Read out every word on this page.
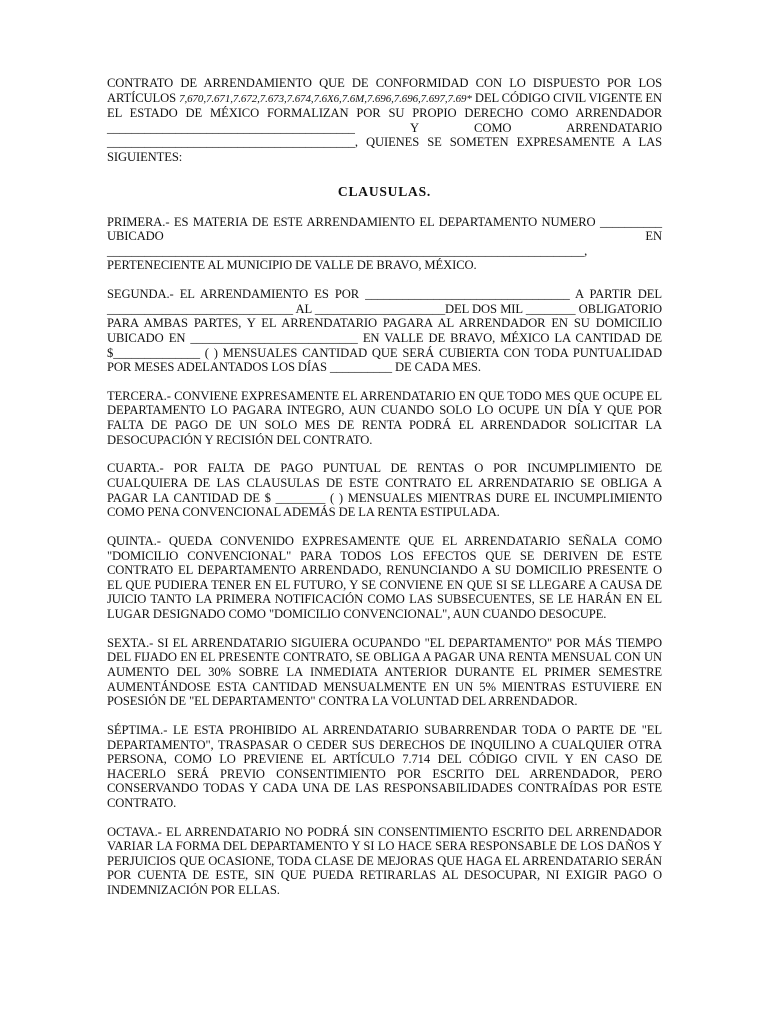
CONTRATO DE ARRENDAMIENTO QUE DE CONFORMIDAD CON LO DISPUESTO POR LOS ARTÍCULOS 7,670,7.671,7.672,7.673,7.674,7.6X6,7.6M,7.696,7.696,7.697,7.69* DEL CÓDIGO CIVIL VIGENTE EN EL ESTADO DE MÉXICO FORMALIZAN POR SU PROPIO DERECHO COMO ARRENDADOR ________________________________________ Y COMO ARRENDATARIO ________________________________________, QUIENES SE SOMETEN EXPRESAMENTE A LAS SIGUIENTES:

CLAUSULAS.

PRIMERA.- ES MATERIA DE ESTE ARRENDAMIENTO EL DEPARTAMENTO NUMERO __________ UBICADO EN _____________________________________________________________________________, PERTENECIENTE AL MUNICIPIO DE VALLE DE BRAVO, MÉXICO.

SEGUNDA.- EL ARRENDAMIENTO ES POR _________________________________ A PARTIR DEL ______________________________ AL _____________________DEL DOS MIL ________ OBLIGATORIO PARA AMBAS PARTES, Y EL ARRENDATARIO PAGARA AL ARRENDADOR EN SU DOMICILIO UBICADO EN ___________________________ EN VALLE DE BRAVO, MÉXICO LA CANTIDAD DE $______________ ( ) MENSUALES CANTIDAD QUE SERÁ CUBIERTA CON TODA PUNTUALIDAD POR MESES ADELANTADOS LOS DÍAS __________ DE CADA MES.

TERCERA.- CONVIENE EXPRESAMENTE EL ARRENDATARIO EN QUE TODO MES QUE OCUPE EL DEPARTAMENTO LO PAGARA INTEGRO, AUN CUANDO SOLO LO OCUPE UN DÍA Y QUE POR FALTA DE PAGO DE UN SOLO MES DE RENTA PODRÁ EL ARRENDADOR SOLICITAR LA DESOCUPACIÓN Y RECISIÓN DEL CONTRATO.

CUARTA.- POR FALTA DE PAGO PUNTUAL DE RENTAS O POR INCUMPLIMIENTO DE CUALQUIERA DE LAS CLAUSULAS DE ESTE CONTRATO EL ARRENDATARIO SE OBLIGA A PAGAR LA CANTIDAD DE $ ________ ( ) MENSUALES MIENTRAS DURE EL INCUMPLIMIENTO COMO PENA CONVENCIONAL ADEMÁS DE LA RENTA ESTIPULADA.

QUINTA.- QUEDA CONVENIDO EXPRESAMENTE QUE EL ARRENDATARIO SEÑALA COMO "DOMICILIO CONVENCIONAL" PARA TODOS LOS EFECTOS QUE SE DERIVEN DE ESTE CONTRATO EL DEPARTAMENTO ARRENDADO, RENUNCIANDO A SU DOMICILIO PRESENTE O EL QUE PUDIERA TENER EN EL FUTURO, Y SE CONVIENE EN QUE SI SE LLEGARE A CAUSA DE JUICIO TANTO LA PRIMERA NOTIFICACIÓN COMO LAS SUBSECUENTES, SE LE HARÁN EN EL LUGAR DESIGNADO COMO "DOMICILIO CONVENCIONAL", AUN CUANDO DESOCUPE.

SEXTA.- SI EL ARRENDATARIO SIGUIERA OCUPANDO "EL DEPARTAMENTO" POR MÁS TIEMPO DEL FIJADO EN EL PRESENTE CONTRATO, SE OBLIGA A PAGAR UNA RENTA MENSUAL CON UN AUMENTO DEL 30% SOBRE LA INMEDIATA ANTERIOR DURANTE EL PRIMER SEMESTRE AUMENTÁNDOSE ESTA CANTIDAD MENSUALMENTE EN UN 5% MIENTRAS ESTUVIERE EN POSESIÓN DE "EL DEPARTAMENTO" CONTRA LA VOLUNTAD DEL ARRENDADOR.

SÉPTIMA.- LE ESTA PROHIBIDO AL ARRENDATARIO SUBARRENDAR TODA O PARTE DE "EL DEPARTAMENTO", TRASPASAR O CEDER SUS DERECHOS DE INQUILINO A CUALQUIER OTRA PERSONA, COMO LO PREVIENE EL ARTÍCULO 7.714 DEL CÓDIGO CIVIL Y EN CASO DE HACERLO SERÁ PREVIO CONSENTIMIENTO POR ESCRITO DEL ARRENDADOR, PERO CONSERVANDO TODAS Y CADA UNA DE LAS RESPONSABILIDADES CONTRAÍDAS POR ESTE CONTRATO.

OCTAVA.- EL ARRENDATARIO NO PODRÁ SIN CONSENTIMIENTO ESCRITO DEL ARRENDADOR VARIAR LA FORMA DEL DEPARTAMENTO Y SI LO HACE SERA RESPONSABLE DE LOS DAÑOS Y PERJUICIOS QUE OCASIONE, TODA CLASE DE MEJORAS QUE HAGA EL ARRENDATARIO SERÁN POR CUENTA DE ESTE, SIN QUE PUEDA RETIRARLAS AL DESOCUPAR, NI EXIGIR PAGO O INDEMNIZACIÓN POR ELLAS.
